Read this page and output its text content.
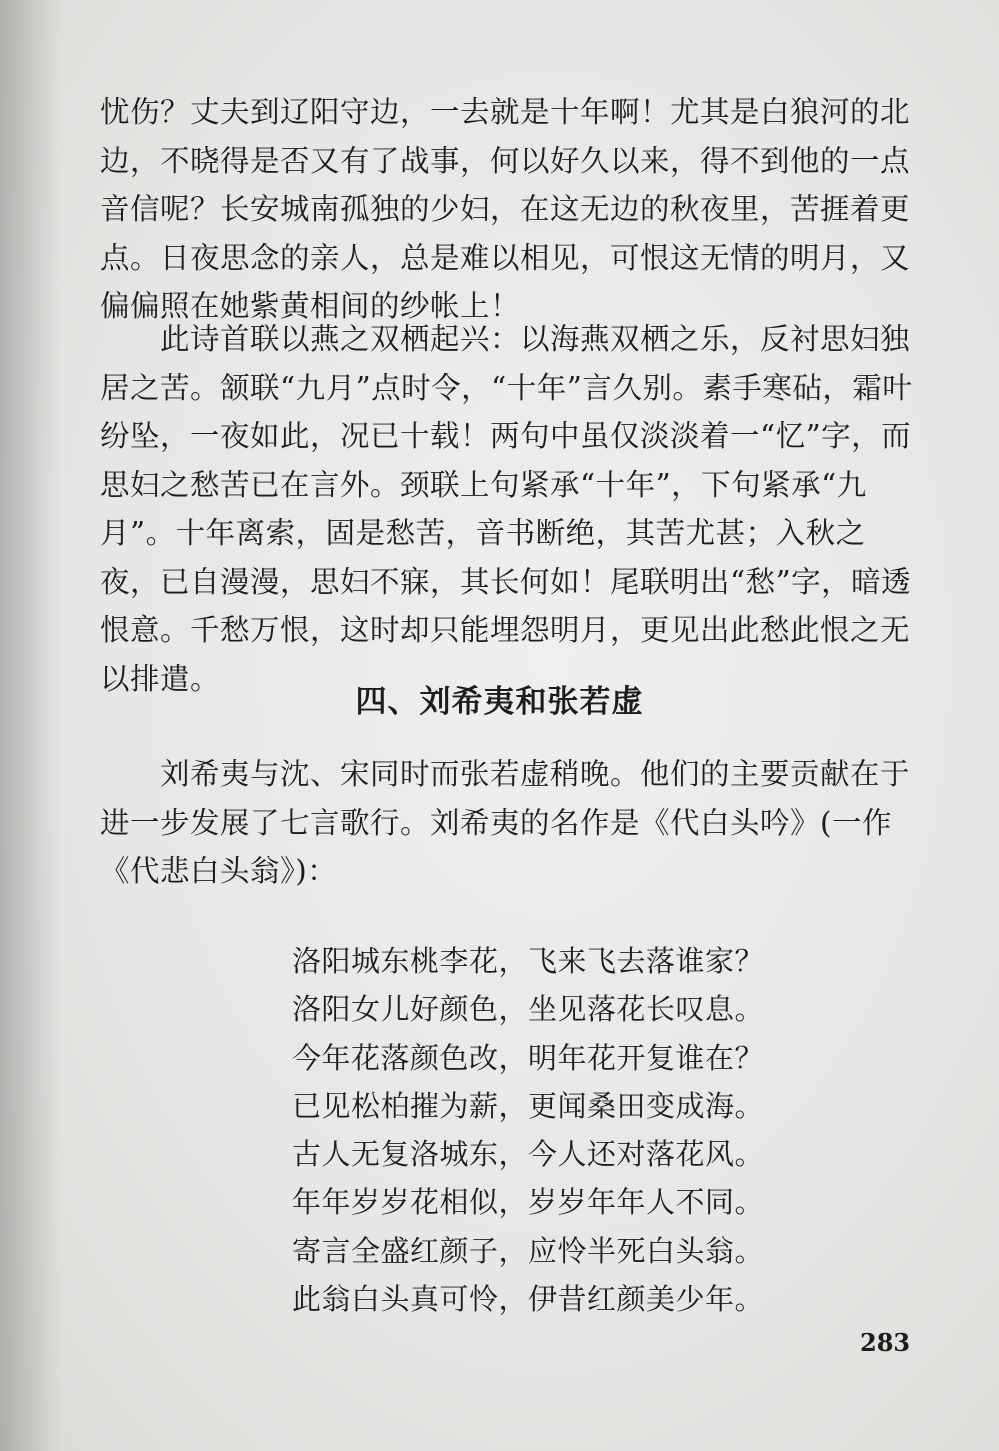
忧伤？丈夫到辽阳守边，一去就是十年啊！尤其是白狼河的北边，不晓得是否又有了战事，何以好久以来，得不到他的一点音信呢？长安城南孤独的少妇，在这无边的秋夜里，苦捱着更点。日夜思念的亲人，总是难以相见，可恨这无情的明月，又偏偏照在她紫黄相间的纱帐上！

　　此诗首联以燕之双栖起兴：以海燕双栖之乐，反衬思妇独居之苦。颔联“九月”点时令，“十年”言久别。素手寒砧，霜叶纷坠，一夜如此，况已十载！两句中虽仅淡淡着一“忆”字，而思妇之愁苦已在言外。颈联上句紧承“十年”，下句紧承“九月”。十年离索，固是愁苦，音书断绝，其苦尤甚；入秋之夜，已自漫漫，思妇不寐，其长何如！尾联明出“愁”字，暗透恨意。千愁万恨，这时却只能埋怨明月，更见出此愁此恨之无以排遣。

四、刘希夷和张若虚

　　刘希夷与沈、宋同时而张若虚稍晚。他们的主要贡献在于进一步发展了七言歌行。刘希夷的名作是《代白头吟》(一作《代悲白头翁》)：

洛阳城东桃李花，飞来飞去落谁家？
洛阳女儿好颜色，坐见落花长叹息。
今年花落颜色改，明年花开复谁在？
已见松柏摧为薪，更闻桑田变成海。
古人无复洛城东，今人还对落花风。
年年岁岁花相似，岁岁年年人不同。
寄言全盛红颜子，应怜半死白头翁。
此翁白头真可怜，伊昔红颜美少年。
283
